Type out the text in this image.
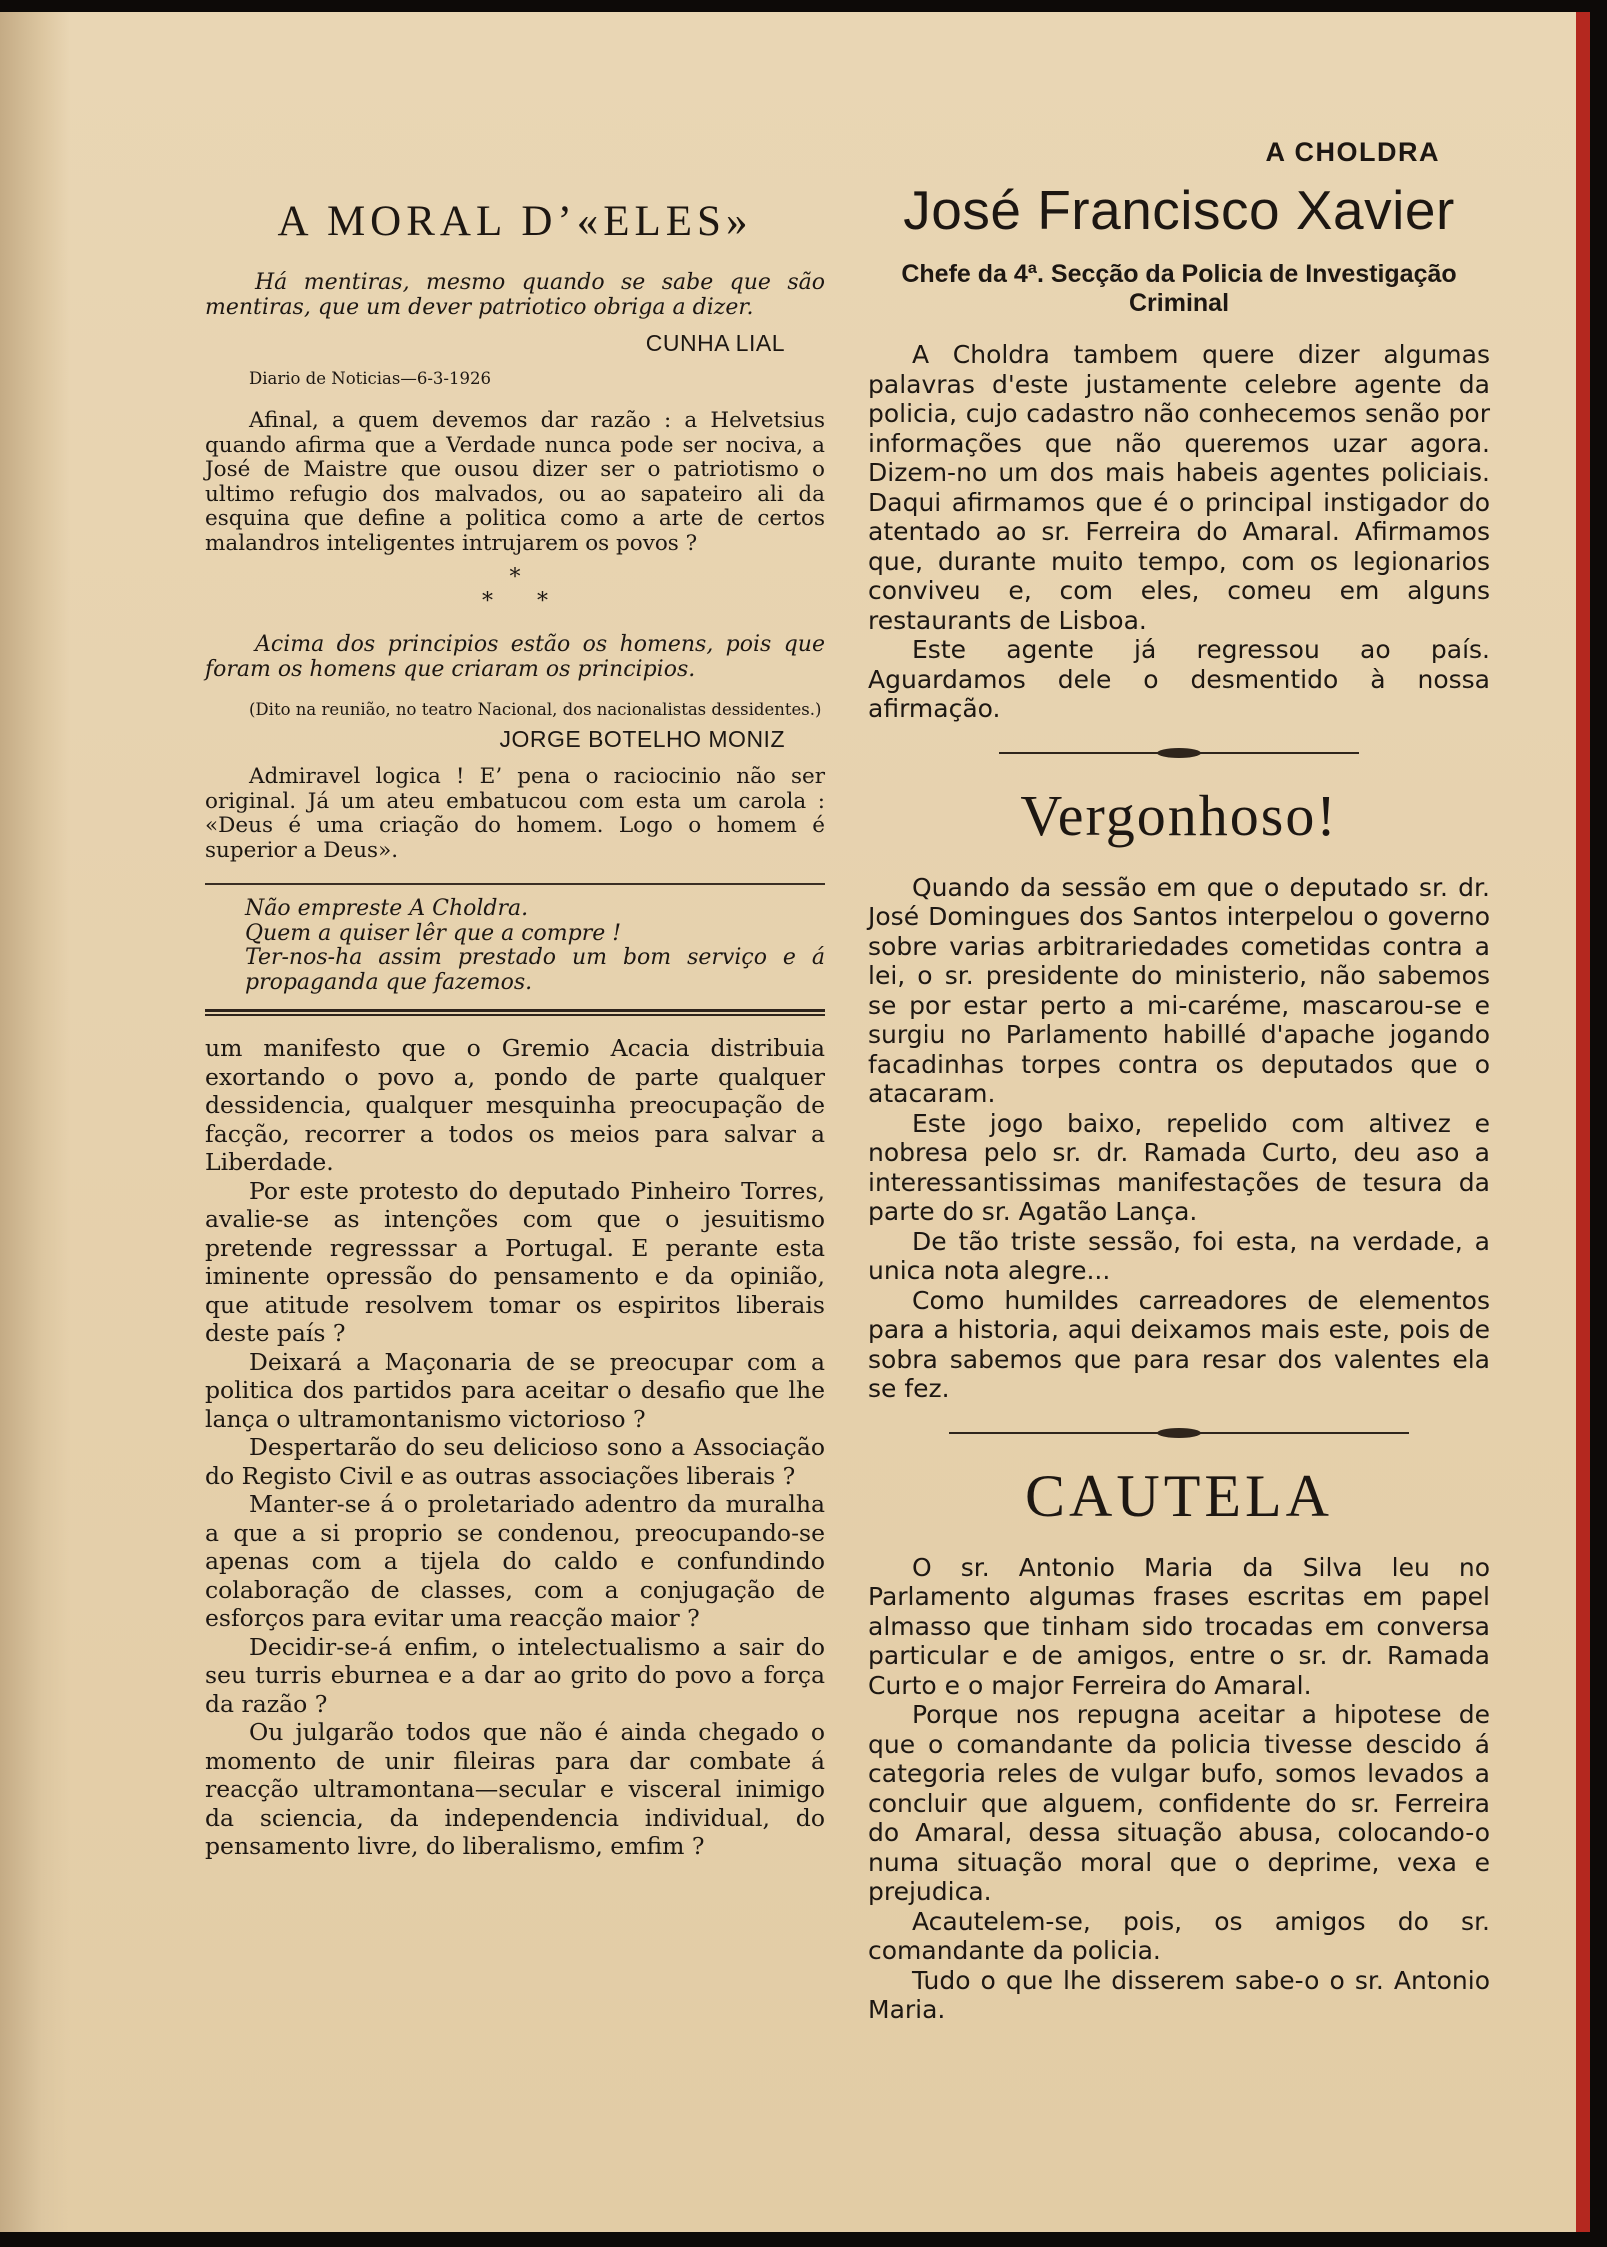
A MORAL D’«ELES»

Há mentiras, mesmo quando se sabe que são mentiras, que um dever patriotico obriga a dizer.

CUNHA LIAL

Diario de Noticias—6-3-1926

Afinal, a quem devemos dar razão : a Helvetsius quando afirma que a Verdade nunca pode ser nociva, a José de Maistre que ousou dizer ser o patriotismo o ultimo refugio dos malvados, ou ao sapateiro ali da esquina que define a politica como a arte de certos malandros inteligentes intrujarem os povos ?

*
* *

Acima dos principios estão os homens, pois que foram os homens que criaram os principios.

(Dito na reunião, no teatro Nacional, dos nacionalistas dessidentes.)

JORGE BOTELHO MONIZ

Admiravel logica ! E’ pena o raciocinio não ser original. Já um ateu embatucou com esta um carola : «Deus é uma criação do homem. Logo o homem é superior a Deus».

Não empreste A Choldra.

Quem a quiser lêr que a compre !

Ter-nos-ha assim prestado um bom serviço e á propaganda que fazemos.

um manifesto que o Gremio Acacia distribuia exortando o povo a, pondo de parte qualquer dessidencia, qualquer mesquinha preocupação de facção, recorrer a todos os meios para salvar a Liberdade.

Por este protesto do deputado Pinheiro Torres, avalie-se as intenções com que o jesuitismo pretende regresssar a Portugal. E perante esta iminente opressão do pensamento e da opinião, que atitude resolvem tomar os espiritos liberais deste país ?

Deixará a Maçonaria de se preocupar com a politica dos partidos para aceitar o desafio que lhe lança o ultramontanismo victorioso ?

Despertarão do seu delicioso sono a Associação do Registo Civil e as outras associações liberais ?

Manter-se á o proletariado adentro da muralha a que a si proprio se condenou, preocupando-se apenas com a tijela do caldo e confundindo colaboração de classes, com a conjugação de esforços para evitar uma reacção maior ?

Decidir-se-á enfim, o intelectualismo a sair do seu turris eburnea e a dar ao grito do povo a força da razão ?

Ou julgarão todos que não é ainda chegado o momento de unir fileiras para dar combate á reacção ultramontana—secular e visceral inimigo da sciencia, da independencia individual, do pensamento livre, do liberalismo, emfim ?

A CHOLDRA
José Francisco Xavier
Chefe da 4ª. Secção da Policia de Investigação Criminal

A Choldra tambem quere dizer algumas palavras d'este justamente celebre agente da policia, cujo cadastro não conhecemos senão por informações que não queremos uzar agora. Dizem-no um dos mais habeis agentes policiais. Daqui afirmamos que é o principal instigador do atentado ao sr. Ferreira do Amaral. Afirmamos que, durante muito tempo, com os legionarios conviveu e, com eles, comeu em alguns restaurants de Lisboa.

Este agente já regressou ao país. Aguardamos dele o desmentido à nossa afirmação.

Vergonhoso!

Quando da sessão em que o deputado sr. dr. José Domingues dos Santos interpelou o governo sobre varias arbitrariedades cometidas contra a lei, o sr. presidente do ministerio, não sabemos se por estar perto a mi-caréme, mascarou-se e surgiu no Parlamento habillé d'apache jogando facadinhas torpes contra os deputados que o atacaram.

Este jogo baixo, repelido com altivez e nobresa pelo sr. dr. Ramada Curto, deu aso a interessantissimas manifestações de tesura da parte do sr. Agatão Lança.

De tão triste sessão, foi esta, na verdade, a unica nota alegre...

Como humildes carreadores de elementos para a historia, aqui deixamos mais este, pois de sobra sabemos que para resar dos valentes ela se fez.

CAUTELA

O sr. Antonio Maria da Silva leu no Parlamento algumas frases escritas em papel almasso que tinham sido trocadas em conversa particular e de amigos, entre o sr. dr. Ramada Curto e o major Ferreira do Amaral.

Porque nos repugna aceitar a hipotese de que o comandante da policia tivesse descido á categoria reles de vulgar bufo, somos levados a concluir que alguem, confidente do sr. Ferreira do Amaral, dessa situação abusa, colocando-o numa situação moral que o deprime, vexa e prejudica.

Acautelem-se, pois, os amigos do sr. comandante da policia.

Tudo o que lhe disserem sabe-o o sr. Antonio Maria.
